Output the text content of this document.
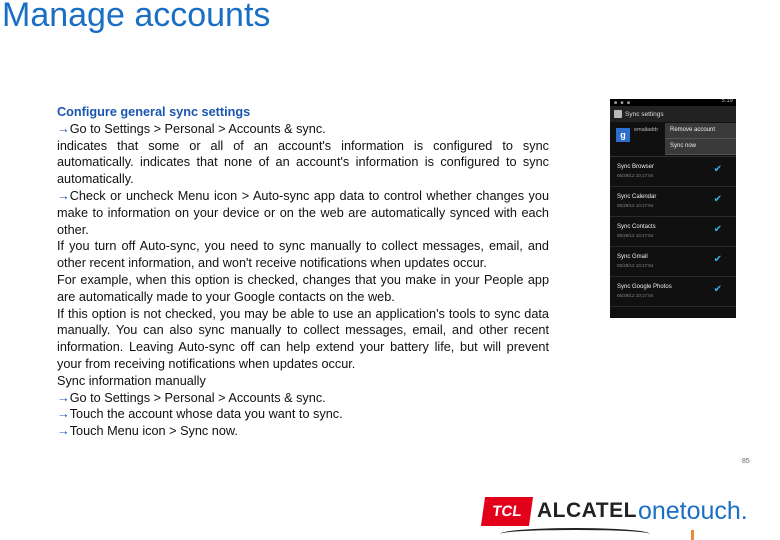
Manage accounts

Configure general sync settings

→Go to Settings > Personal > Accounts & sync.

indicates that some or all of an account's information is configured to sync automatically. indicates that none of an account's information is configured to sync automatically.

→Check or uncheck Menu icon > Auto-sync app data to control whether changes you make to information on your device or on the web are automatically synced with each other.

If you turn off Auto-sync, you need to sync manually to collect messages, email, and other recent information, and won't receive notifications when updates occur.

For example, when this option is checked, changes that you make in your People app are automatically made to your Google contacts on the web.

If this option is not checked, you may be able to use an application's tools to sync data manually. You can also sync manually to collect messages, email, and other recent information. Leaving Auto-sync off can help extend your battery life, but will prevent your from receiving notifications when updates occur.

Sync information manually

→Go to Settings > Personal > Accounts & sync.

→Touch the account whose data you want to sync.

→Touch Menu icon > Sync now.

■ ■ ■	5:19
Sync settings
g	emailaddr	Remove account
Sync now
Sync Browser
05/29/12 10:17:54
✔
Sync Calendar
05/29/12 10:17:54
✔
Sync Contacts
05/29/12 10:17:54
✔
Sync Gmail
05/29/12 10:17:54
✔
Sync Google Photos
05/29/12 10:17:54
✔
85
TCL ALCATEL onetouch.
